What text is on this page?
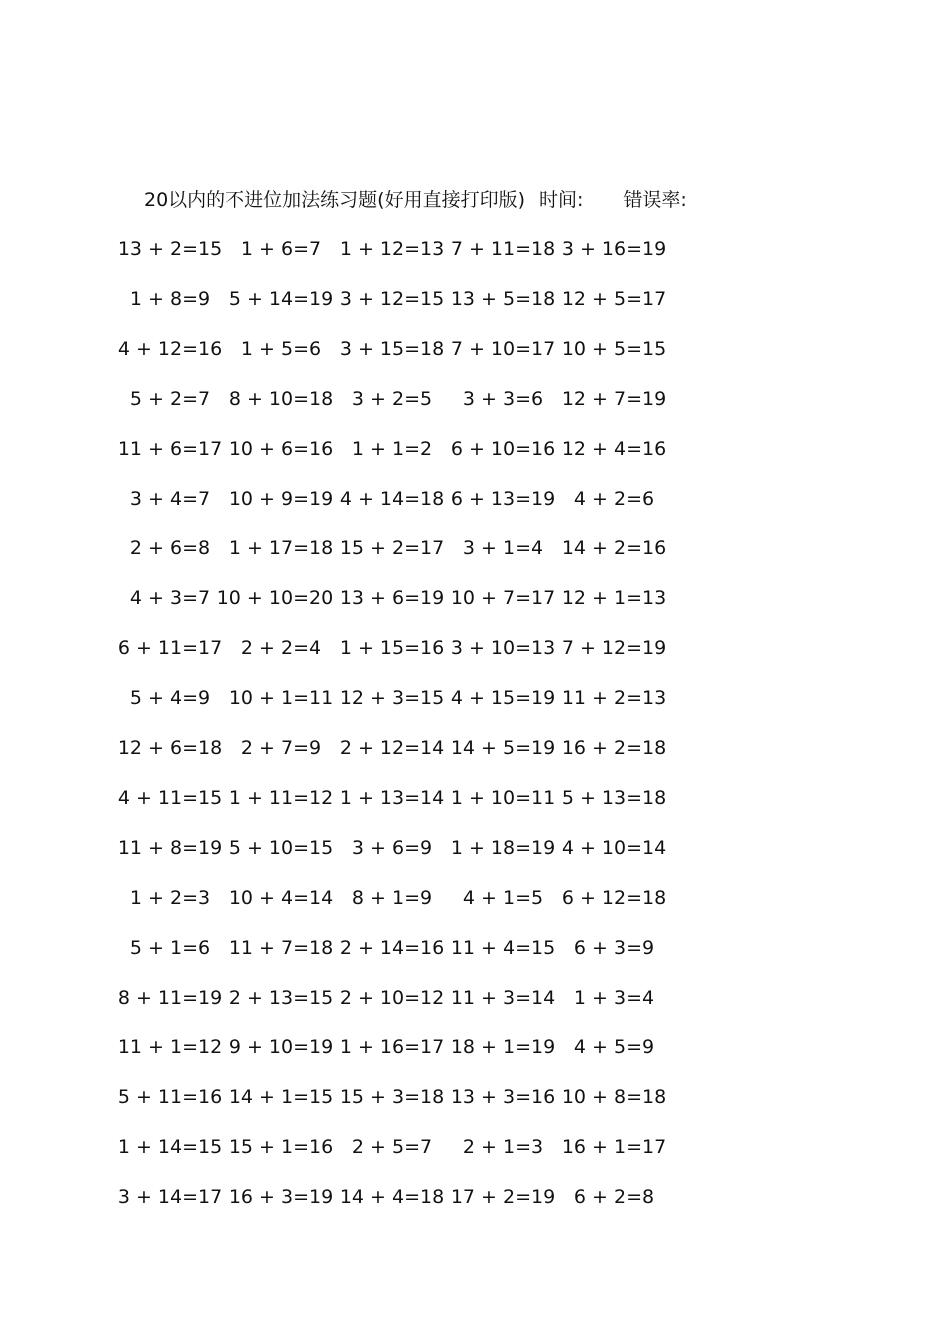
20以内的不进位加法练习题(好用直接打印版) 时间: 错误率:
13 + 2= 15 1 + 6= 7 1 + 12= 13 7 + 11= 18 3 + 16= 19
1 + 8= 9 5 + 14= 19 3 + 12= 15 13 + 5= 18 12 + 5= 17
4 + 12= 16 1 + 5= 6 3 + 15= 18 7 + 10= 17 10 + 5= 15
5 + 2= 7 8 + 10= 18 3 + 2= 5 3 + 3= 6 12 + 7= 19
11 + 6= 17 10 + 6= 16 1 + 1= 2 6 + 10= 16 12 + 4= 16
3 + 4= 7 10 + 9= 19 4 + 14= 18 6 + 13= 19 4 + 2= 6
2 + 6= 8 1 + 17= 18 15 + 2= 17 3 + 1= 4 14 + 2= 16
4 + 3= 7 10 + 10= 20 13 + 6= 19 10 + 7= 17 12 + 1= 13
6 + 11= 17 2 + 2= 4 1 + 15= 16 3 + 10= 13 7 + 12= 19
5 + 4= 9 10 + 1= 11 12 + 3= 15 4 + 15= 19 11 + 2= 13
12 + 6= 18 2 + 7= 9 2 + 12= 14 14 + 5= 19 16 + 2= 18
4 + 11= 15 1 + 11= 12 1 + 13= 14 1 + 10= 11 5 + 13= 18
11 + 8= 19 5 + 10= 15 3 + 6= 9 1 + 18= 19 4 + 10= 14
1 + 2= 3 10 + 4= 14 8 + 1= 9 4 + 1= 5 6 + 12= 18
5 + 1= 6 11 + 7= 18 2 + 14= 16 11 + 4= 15 6 + 3= 9
8 + 11= 19 2 + 13= 15 2 + 10= 12 11 + 3= 14 1 + 3= 4
11 + 1= 12 9 + 10= 19 1 + 16= 17 18 + 1= 19 4 + 5= 9
5 + 11= 16 14 + 1= 15 15 + 3= 18 13 + 3= 16 10 + 8= 18
1 + 14= 15 15 + 1= 16 2 + 5= 7 2 + 1= 3 16 + 1= 17
3 + 14= 17 16 + 3= 19 14 + 4= 18 17 + 2= 19 6 + 2= 8
